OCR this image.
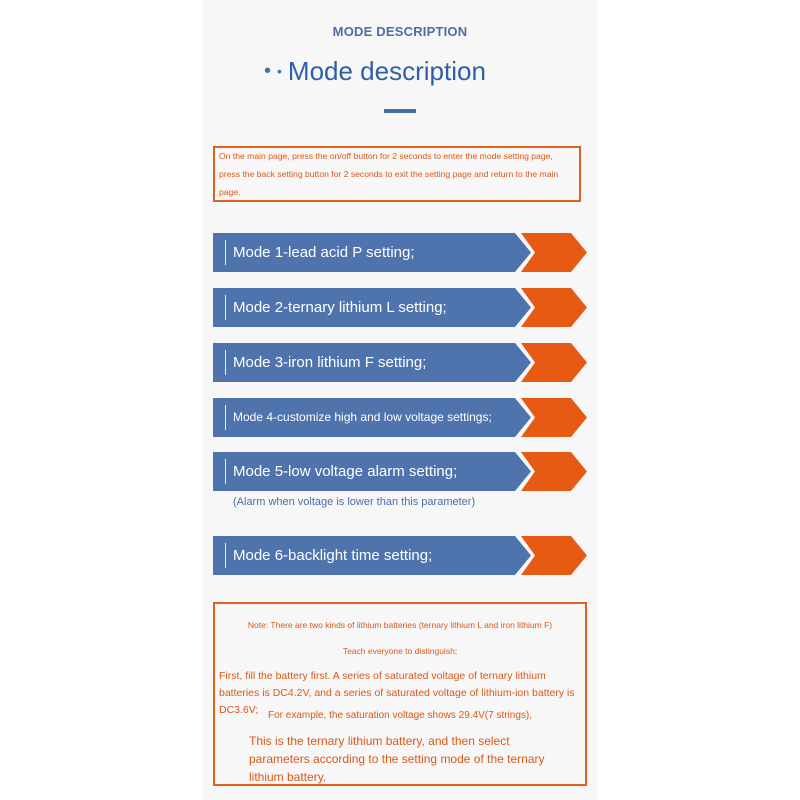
MODE DESCRIPTION
• • Mode description
On the main page, press the on/off button for 2 seconds to enter the mode setting page, press the back setting button for 2 seconds to exit the setting page and return to the main page.
Mode 1-lead acid P setting;
Mode 2-ternary lithium L setting;
Mode 3-iron lithium F setting;
Mode 4-customize high and low voltage settings;
Mode 5-low voltage alarm setting;
(Alarm when voltage is lower than this parameter)
Mode 6-backlight time setting;
Note: There are two kinds of lithium batteries (ternary lithium L and iron lithium F)
Teach everyone to distinguish;
First, fill the battery first. A series of saturated voltage of ternary lithium batteries is DC4.2V, and a series of saturated voltage of lithium-ion battery is DC3.6V; For example, the saturation voltage shows 29.4V(7 strings),
This is the ternary lithium battery, and then select parameters according to the setting mode of the ternary lithium battery.
